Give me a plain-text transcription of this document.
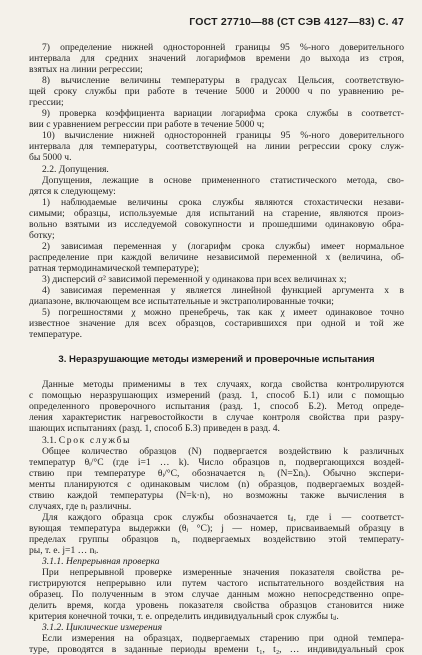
ГОСТ 27710—88 (СТ СЭВ 4127—83) С. 47
7) определение нижней односторонней границы 95 %-ного доверительного
интервала для средних значений логарифмов времени до выхода из строя,
взятых на линии регрессии;
8) вычисление величины температуры в градусах Цельсия, соответствую-
щей сроку службы при работе в течение 5000 и 20000 ч по уравнению ре-
грессии;
9) проверка коэффициента вариации логарифма срока службы в соответст-
вии с уравнением регрессии при работе в течение 5000 ч;
10) вычисление нижней односторонней границы 95 %-ного доверительного
интервала для температуры, соответствующей на линии регрессии сроку служ-
бы 5000 ч.
2.2. Допущения.
Допущения, лежащие в основе примененного статистического метода, сво-
дятся к следующему:
1) наблюдаемые величины срока службы являются стохастически незави-
симыми; образцы, используемые для испытаний на старение, являются произ-
вольно взятыми из исследуемой совокупности и прошедшими одинаковую обра-
ботку;
2) зависимая переменная y (логарифм срока службы) имеет нормальное
распределение при каждой величине независимой переменной x (величина, об-
ратная термодинамической температуре);
3) дисперсий σ² зависимой переменной y одинакова при всех величинах x;
4) зависимая переменная y является линейной функцией аргумента x в
диапазоне, включающем все испытательные и экстраполированные точки;
5) погрешностями χ можно пренебречь, так как χ имеет одинаковое точно
известное значение для всех образцов, состарившихся при одной и той же
температуре.
3. Неразрушающие методы измерений и проверочные испытания
Данные методы применимы в тех случаях, когда свойства контролируются
с помощью неразрушающих измерений (разд. 1, способ Б.1) или с помощью
определенного проверочного испытания (разд. 1, способ Б.2). Метод опреде-
ления характеристик нагревостойкости в случае контроля свойства при разру-
шающих испытаниях (разд. 1, способ Б.3) приведен в разд. 4.
3.1. Срок службы
Общее количество образцов (N) подвергается воздействию k различных
температур θᵢ/°С (где i=1 … k). Число образцов n, подвергающихся воздей-
ствию при температуре θᵢ/°С, обозначается nᵢ (N=Σnᵢ). Обычно экспери-
менты планируются с одинаковым числом (n) образцов, подвергаемых воздей-
ствию каждой температуры (N=k·n), но возможны также вычисления в
случаях, где nᵢ различны.
Для каждого образца срок службы обозначается tᵢⱼ, где i — соответст-
вующая температура выдержки (θᵢ °С); j — номер, присваиваемый образцу в
пределах группы образцов nᵢ, подвергаемых воздействию этой температу-
ры, т. е. j=1 … nᵢ.
3.1.1. Непрерывная проверка
При непрерывной проверке измеренные значения показателя свойства ре-
гистрируются непрерывно или путем частого испытательного воздействия на
образец. По полученным в этом случае данным можно непосредственно опре-
делить время, когда уровень показателя свойства образцов становится ниже
критерия конечной точки, т. е. определить индивидуальный срок службы tᵢⱼ.
3.1.2. Циклические измерения
Если измерения на образцах, подвергаемых старению при одной темпера-
туре, проводятся в заданные периоды времени t₁, t₂, … индивидуальный срок
